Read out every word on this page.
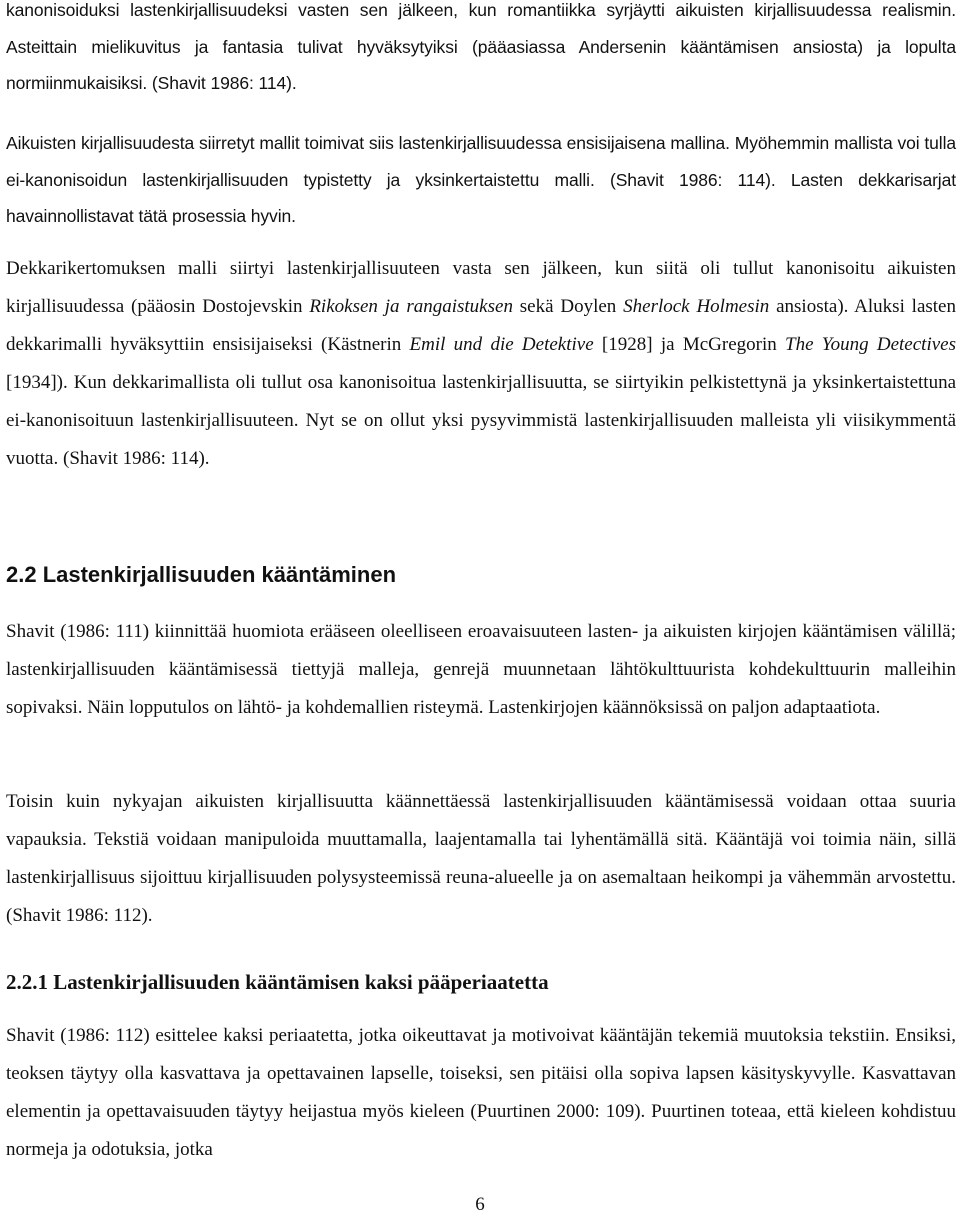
kanonisoiduksi lastenkirjallisuudeksi vasten sen jälkeen, kun romantiikka syrjäytti aikuisten kirjallisuudessa realismin. Asteittain mielikuvitus ja fantasia tulivat hyväksytyiksi (pääasiassa Andersenin kääntämisen ansiosta) ja lopulta normiinmukaisiksi. (Shavit 1986: 114).

Aikuisten kirjallisuudesta siirretyt mallit toimivat siis lastenkirjallisuudessa ensisijaisena mallina. Myöhemmin mallista voi tulla ei-kanonisoidun lastenkirjallisuuden typistetty ja yksinkertaistettu malli. (Shavit 1986: 114). Lasten dekkarisarjat havainnollistavat tätä prosessia hyvin.

Dekkarikertomuksen malli siirtyi lastenkirjallisuuteen vasta sen jälkeen, kun siitä oli tullut kanonisoitu aikuisten kirjallisuudessa (pääosin Dostojevskin Rikoksen ja rangaistuksen sekä Doylen Sherlock Holmesin ansiosta). Aluksi lasten dekkarimalli hyväksyttiin ensisijaiseksi (Kästnerin Emil und die Detektive [1928] ja McGregorin The Young Detectives [1934]). Kun dekkarimallista oli tullut osa kanonisoitua lastenkirjallisuutta, se siirtyikin pelkistettynä ja yksinkertaistettuna ei-kanonisoituun lastenkirjallisuuteen. Nyt se on ollut yksi pysyvimmistä lastenkirjallisuuden malleista yli viisikymmentä vuotta. (Shavit 1986: 114).

2.2 Lastenkirjallisuuden kääntäminen

Shavit (1986: 111) kiinnittää huomiota erääseen oleelliseen eroavaisuuteen lasten- ja aikuisten kirjojen kääntämisen välillä; lastenkirjallisuuden kääntämisessä tiettyjä malleja, genrejä muunnetaan lähtökulttuurista kohdekulttuurin malleihin sopivaksi. Näin lopputulos on lähtö- ja kohdemallien risteymä. Lastenkirjojen käännöksissä on paljon adaptaatiota.

Toisin kuin nykyajan aikuisten kirjallisuutta käännettäessä lastenkirjallisuuden kääntämisessä voidaan ottaa suuria vapauksia. Tekstiä voidaan manipuloida muuttamalla, laajentamalla tai lyhentämällä sitä. Kääntäjä voi toimia näin, sillä lastenkirjallisuus sijoittuu kirjallisuuden polysysteemissä reuna-alueelle ja on asemaltaan heikompi ja vähemmän arvostettu. (Shavit 1986: 112).

2.2.1 Lastenkirjallisuuden kääntämisen kaksi pääperiaatetta

Shavit (1986: 112) esittelee kaksi periaatetta, jotka oikeuttavat ja motivoivat kääntäjän tekemiä muutoksia tekstiin. Ensiksi, teoksen täytyy olla kasvattava ja opettavainen lapselle, toiseksi, sen pitäisi olla sopiva lapsen käsityskyvylle. Kasvattavan elementin ja opettavaisuuden täytyy heijastua myös kieleen (Puurtinen 2000: 109). Puurtinen toteaa, että kieleen kohdistuu normeja ja odotuksia, jotka

6
